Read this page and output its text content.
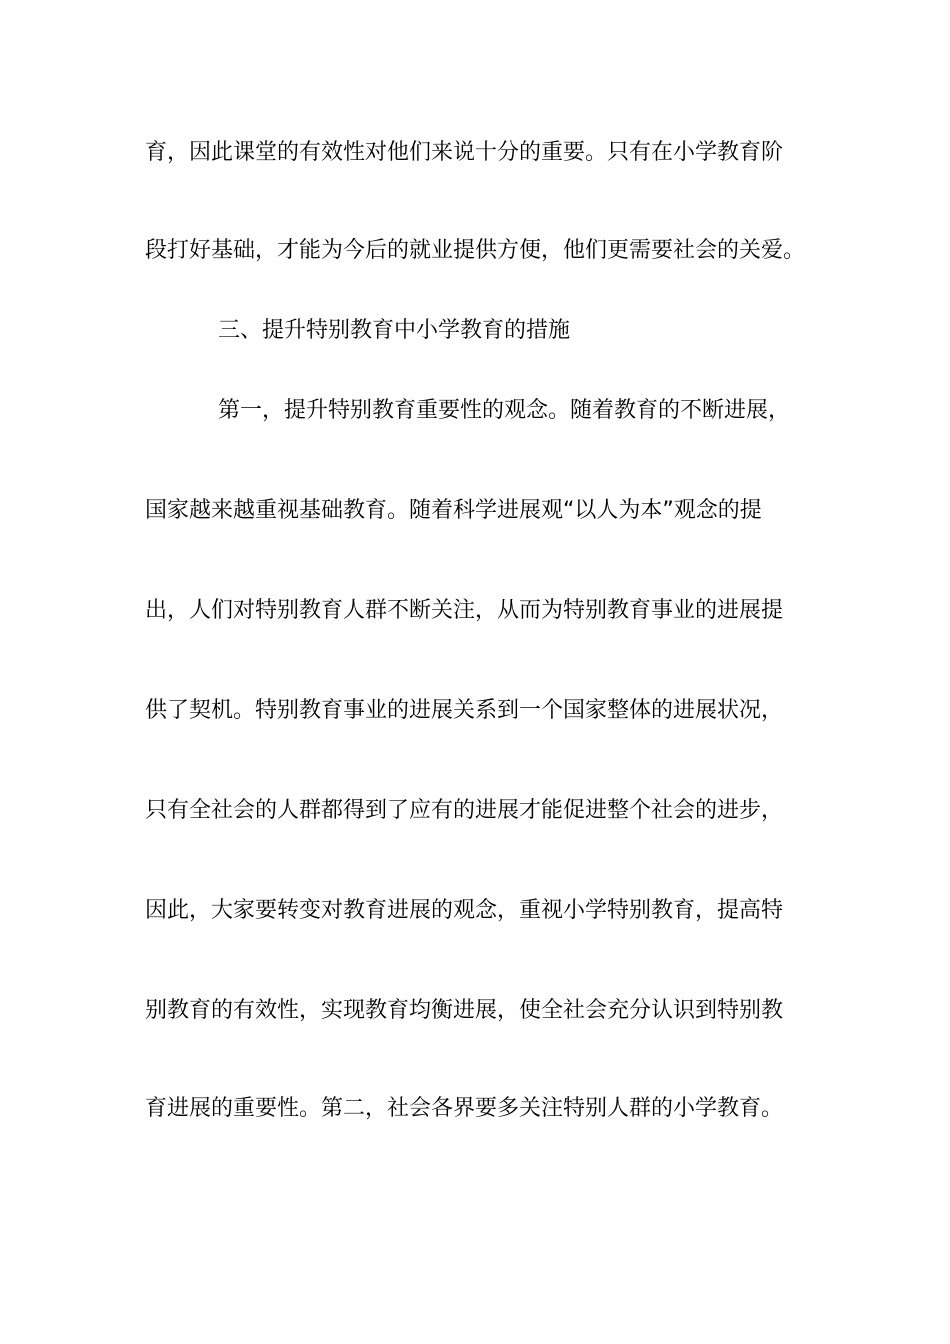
育，因此课堂的有效性对他们来说十分的重要。只有在小学教育阶
段打好基础，才能为今后的就业提供方便，他们更需要社会的关爱。
三、提升特别教育中小学教育的措施
第一，提升特别教育重要性的观念。随着教育的不断进展，
国家越来越重视基础教育。随着科学进展观“以人为本”观念的提
出，人们对特别教育人群不断关注，从而为特别教育事业的进展提
供了契机。特别教育事业的进展关系到一个国家整体的进展状况，
只有全社会的人群都得到了应有的进展才能促进整个社会的进步，
因此，大家要转变对教育进展的观念，重视小学特别教育，提高特
别教育的有效性，实现教育均衡进展，使全社会充分认识到特别教
育进展的重要性。第二，社会各界要多关注特别人群的小学教育。
